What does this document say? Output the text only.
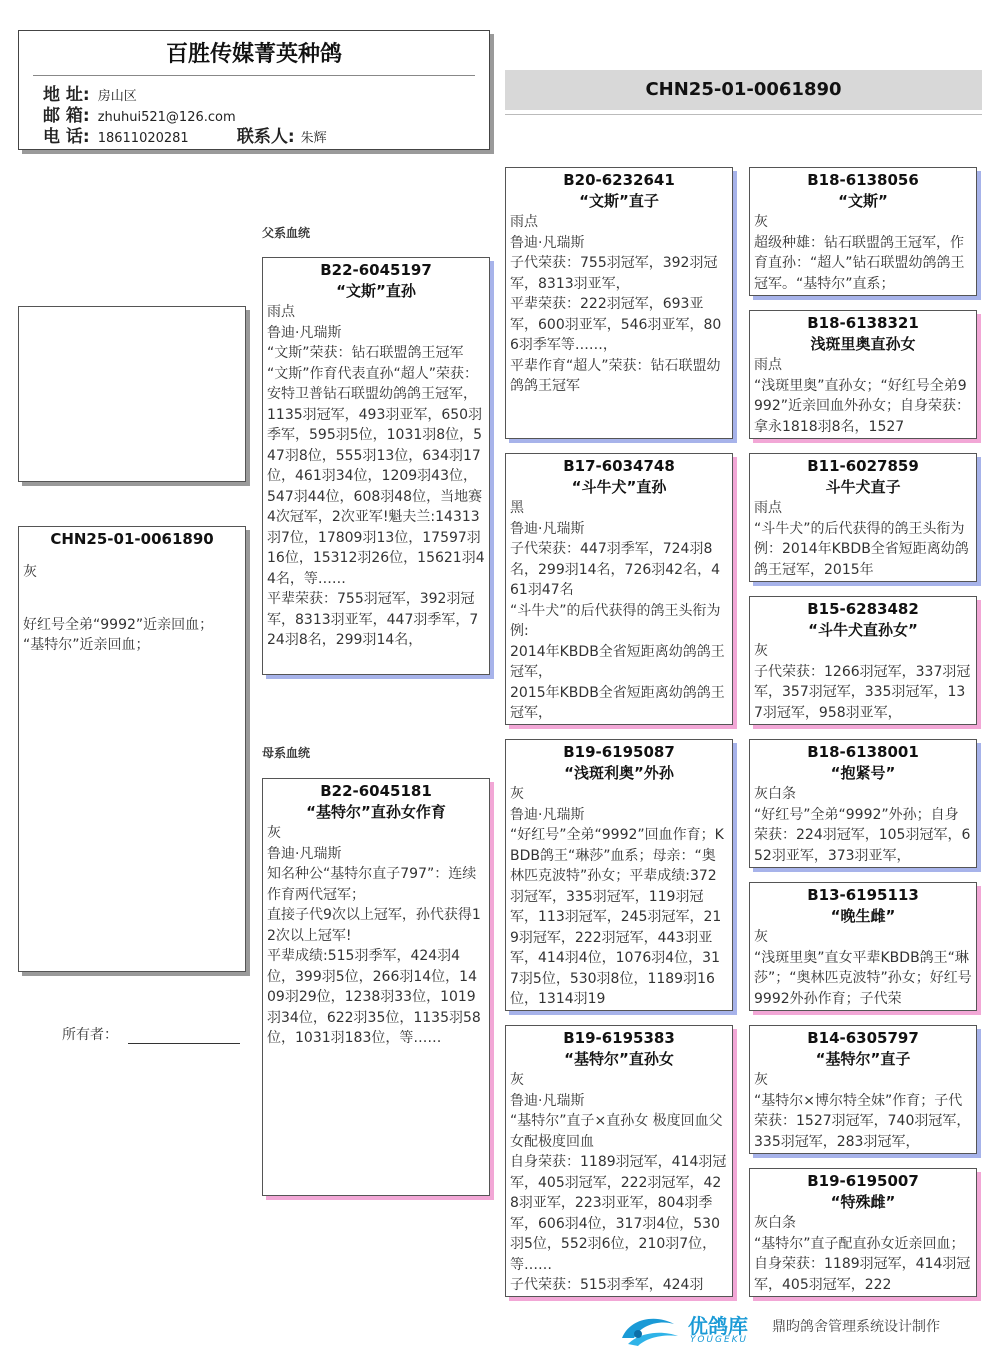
百胜传媒菁英种鸽
地 址: 房山区
邮 箱: zhuhui521@126.com
电 话: 18611020281	联系人: 朱辉
CHN25-01-0061890
父系血统
母系血统
CHN25-01-0061890
灰
好红号全弟“9992”近亲回血；
“基特尔”近亲回血；
所有者：
B22-6045197
“文斯”直孙
雨点
鲁迪·凡瑞斯
“文斯”荣获：钻石联盟鸽王冠军
“文斯”作育代表直孙“超人”荣获：安特卫普钻石联盟幼鸽鸽王冠军，1135羽冠军，493羽亚军，650羽季军，595羽5位，1031羽8位，547羽8位，555羽13位，634羽17位，461羽34位，1209羽43位，547羽44位，608羽48位，当地赛4次冠军，2次亚军!魁夫兰:14313羽7位，17809羽13位，17597羽16位，15312羽26位，15621羽44名，等……
平辈荣获：755羽冠军，392羽冠军，8313羽亚军，447羽季军，724羽8名，299羽14名，
B22-6045181
“基特尔”直孙女作育
灰
鲁迪·凡瑞斯
知名种公“基特尔直子797”：连续作育两代冠军；
直接子代9次以上冠军，孙代获得12次以上冠军!
平辈成绩:515羽季军，424羽4位，399羽5位，266羽14位，1409羽29位，1238羽33位，1019羽34位，622羽35位，1135羽58位，1031羽183位，等……
B20-6232641
“文斯”直子
雨点
鲁迪·凡瑞斯
子代荣获：755羽冠军，392羽冠军，8313羽亚军，
平辈荣获：222羽冠军，693亚军，600羽亚军，546羽亚军，806羽季军等……，
平辈作育“超人”荣获：钻石联盟幼鸽鸽王冠军
B17-6034748
“斗牛犬”直孙
黑
鲁迪·凡瑞斯
子代荣获：447羽季军，724羽8名，299羽14名，726羽42名，461羽47名
“斗牛犬”的后代获得的鸽王头衔为例:
2014年KBDB全省短距离幼鸽鸽王冠军，
2015年KBDB全省短距离幼鸽鸽王冠军，
B19-6195087
“浅斑利奥”外孙
灰
鲁迪·凡瑞斯
“好红号”全弟“9992”回血作育；KBDB鸽王“琳莎”血系；母亲：“奥林匹克波特”孙女；平辈成绩:372羽冠军，335羽冠军，119羽冠军，113羽冠军，245羽冠军，219羽冠军，222羽冠军，443羽亚军，414羽4位，1076羽4位，317羽5位，530羽8位，1189羽16位，1314羽19
B19-6195383
“基特尔”直孙女
灰
鲁迪·凡瑞斯
“基特尔”直子×直孙女 极度回血父女配极度回血
自身荣获：1189羽冠军，414羽冠军，405羽冠军，222羽冠军，428羽亚军，223羽亚军，804羽季军，606羽4位，317羽4位，530羽5位，552羽6位，210羽7位，等……
子代荣获：515羽季军，424羽
B18-6138056
“文斯”
灰
超级种雄：钻石联盟鸽王冠军，作育直孙：“超人”钻石联盟幼鸽鸽王冠军。“基特尔”直系；
B18-6138321
浅斑里奥直孙女
雨点
“浅斑里奥”直孙女；“好红号全弟9992”近亲回血外孙女；自身荣获：拿永1818羽8名，1527
B11-6027859
斗牛犬直子
雨点
“斗牛犬”的后代获得的鸽王头衔为例：2014年KBDB全省短距离幼鸽鸽王冠军，2015年
B15-6283482
“斗牛犬直孙女”
灰
子代荣获：1266羽冠军，337羽冠军，357羽冠军，335羽冠军，137羽冠军，958羽亚军，
B18-6138001
“抱紧号”
灰白条
“好红号”全弟“9992”外孙；自身荣获：224羽冠军，105羽冠军，652羽亚军，373羽亚军，
B13-6195113
“晚生雌”
灰
“浅斑里奥”直女平辈KBDB鸽王“琳莎”；“奥林匹克波特”孙女；好红号9992外孙作育；子代荣
B14-6305797
“基特尔”直子
灰
“基特尔×博尔特全妹”作育；子代荣获：1527羽冠军，740羽冠军，335羽冠军，283羽冠军，
B19-6195007
“特殊雌”
灰白条
“基特尔”直子配直孙女近亲回血；自身荣获：1189羽冠军，414羽冠军，405羽冠军，222
优鸽库
YOUGEKU
鼎昀鸽舍管理系统设计制作
